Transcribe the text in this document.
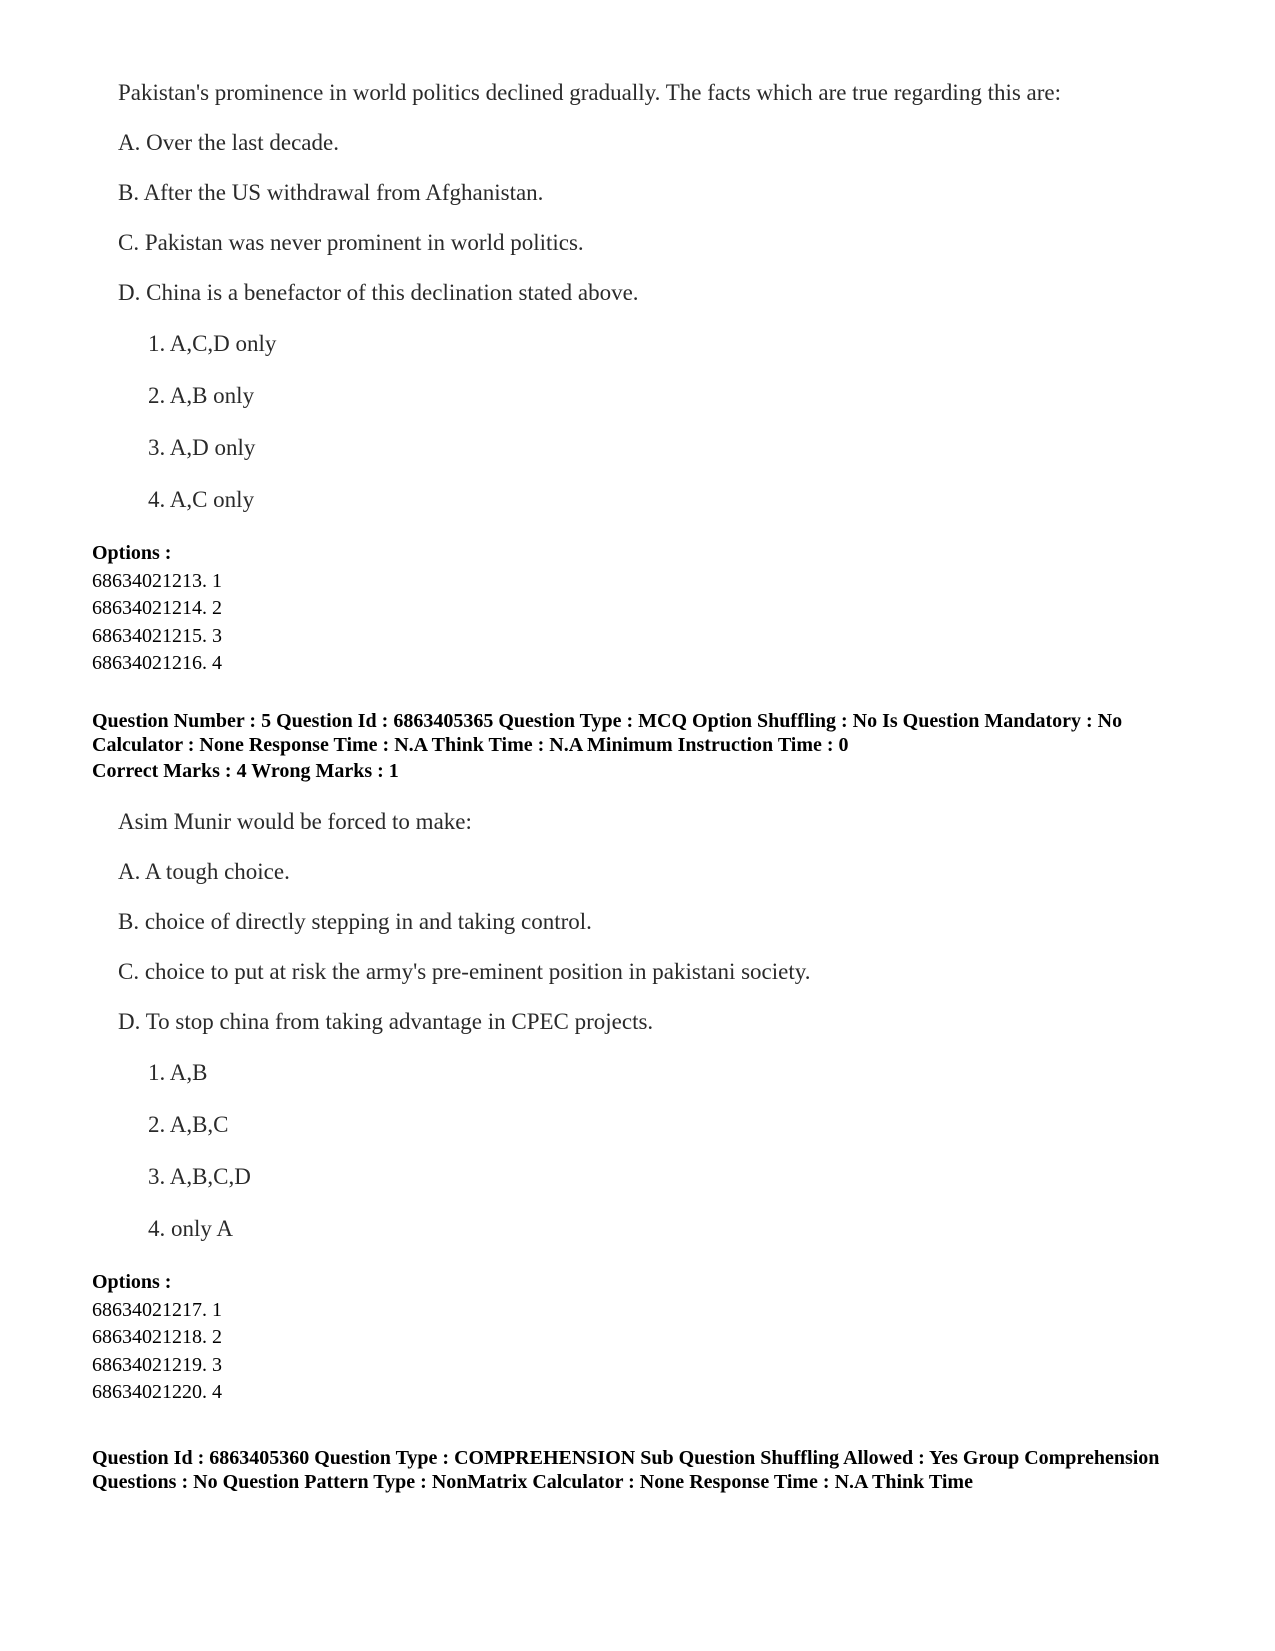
Pakistan's prominence in world politics declined gradually. The facts which are true regarding this are:
A. Over the last decade.
B. After the US withdrawal from Afghanistan.
C. Pakistan was never prominent in world politics.
D. China is a benefactor of this declination stated above.
1. A,C,D only
2. A,B only
3. A,D only
4. A,C only
Options :
68634021213. 1
68634021214. 2
68634021215. 3
68634021216. 4
Question Number : 5 Question Id : 6863405365 Question Type : MCQ Option Shuffling : No Is Question Mandatory : No Calculator : None Response Time : N.A Think Time : N.A Minimum Instruction Time : 0
Correct Marks : 4 Wrong Marks : 1
Asim Munir would be forced to make:
A. A tough choice.
B. choice of directly stepping in and taking control.
C. choice to put at risk the army's pre-eminent position in pakistani society.
D. To stop china from taking advantage in CPEC projects.
1. A,B
2. A,B,C
3. A,B,C,D
4. only A
Options :
68634021217. 1
68634021218. 2
68634021219. 3
68634021220. 4
Question Id : 6863405360 Question Type : COMPREHENSION Sub Question Shuffling Allowed : Yes Group Comprehension Questions : No Question Pattern Type : NonMatrix Calculator : None Response Time : N.A Think Time
